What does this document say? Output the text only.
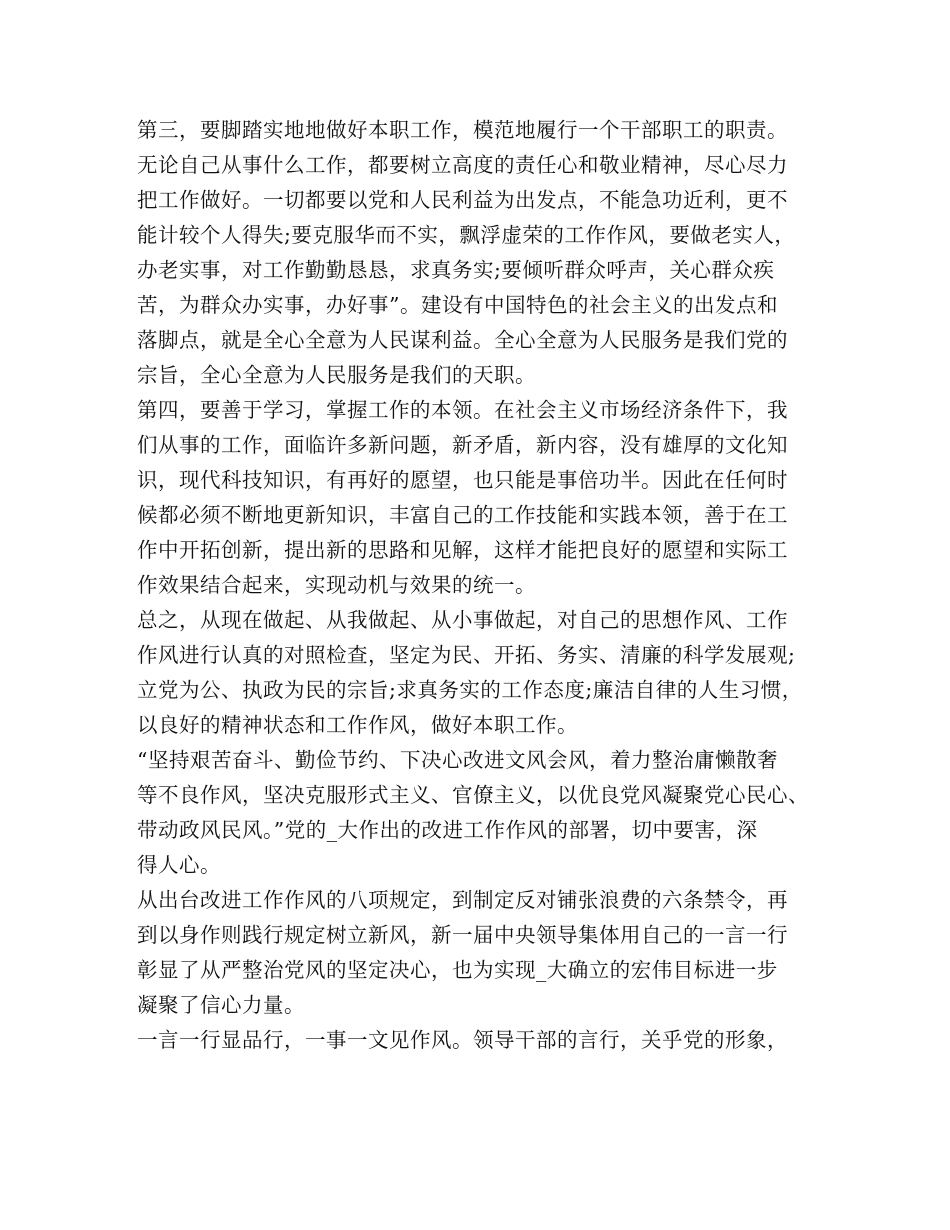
第三，要脚踏实地地做好本职工作，模范地履行一个干部职工的职责。
无论自己从事什么工作，都要树立高度的责任心和敬业精神，尽心尽力
把工作做好。一切都要以党和人民利益为出发点，不能急功近利，更不
能计较个人得失;要克服华而不实，飘浮虚荣的工作作风，要做老实人，
办老实事，对工作勤勤恳恳，求真务实;要倾听群众呼声，关心群众疾
苦，为群众办实事，办好事”。建设有中国特色的社会主义的出发点和
落脚点，就是全心全意为人民谋利益。全心全意为人民服务是我们党的
宗旨，全心全意为人民服务是我们的天职。
第四，要善于学习，掌握工作的本领。在社会主义市场经济条件下，我
们从事的工作，面临许多新问题，新矛盾，新内容，没有雄厚的文化知
识，现代科技知识，有再好的愿望，也只能是事倍功半。因此在任何时
候都必须不断地更新知识，丰富自己的工作技能和实践本领，善于在工
作中开拓创新，提出新的思路和见解，这样才能把良好的愿望和实际工
作效果结合起来，实现动机与效果的统一。
总之，从现在做起、从我做起、从小事做起，对自己的思想作风、工作
作风进行认真的对照检查，坚定为民、开拓、务实、清廉的科学发展观;
立党为公、执政为民的宗旨;求真务实的工作态度;廉洁自律的人生习惯，
以良好的精神状态和工作作风，做好本职工作。
“坚持艰苦奋斗、勤俭节约、下决心改进文风会风，着力整治庸懒散奢
等不良作风，坚决克服形式主义、官僚主义，以优良党风凝聚党心民心、
带动政风民风。”党的_大作出的改进工作作风的部署，切中要害，深
得人心。
从出台改进工作作风的八项规定，到制定反对铺张浪费的六条禁令，再
到以身作则践行规定树立新风，新一届中央领导集体用自己的一言一行
彰显了从严整治党风的坚定决心，也为实现_大确立的宏伟目标进一步
凝聚了信心力量。
一言一行显品行，一事一文见作风。领导干部的言行，关乎党的形象，
